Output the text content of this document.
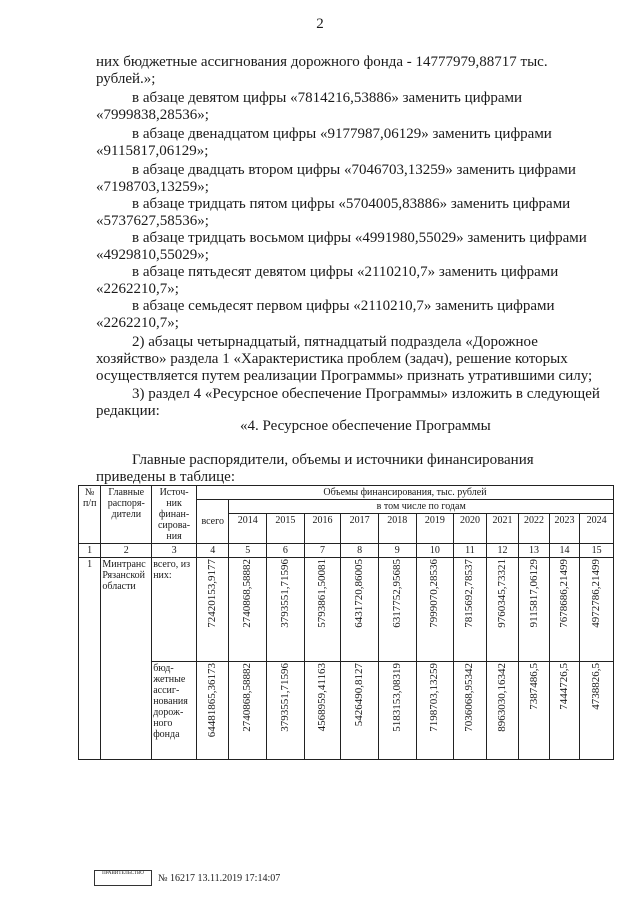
2
них бюджетные ассигнования дорожного фонда - 14777979,88717 тыс.
рублей.»;
в абзаце девятом цифры «7814216,53886» заменить цифрами
«7999838,28536»;
в абзаце двенадцатом цифры «9177987,06129» заменить цифрами
«9115817,06129»;
в абзаце двадцать втором цифры «7046703,13259» заменить цифрами
«7198703,13259»;
в абзаце тридцать пятом цифры «5704005,83886» заменить цифрами
«5737627,58536»;
в абзаце тридцать восьмом цифры «4991980,55029» заменить цифрами
«4929810,55029»;
в абзаце пятьдесят девятом цифры «2110210,7» заменить цифрами
«2262210,7»;
в абзаце семьдесят первом цифры «2110210,7» заменить цифрами
«2262210,7»;
2) абзацы четырнадцатый, пятнадцатый подраздела «Дорожное
хозяйство» раздела 1 «Характеристика проблем (задач), решение которых
осуществляется путем реализации Программы» признать утратившими силу;
3) раздел 4 «Ресурсное обеспечение Программы» изложить в следующей
редакции:
«4. Ресурсное обеспечение Программы
Главные распорядители, объемы и источники финансирования
приведены в таблице:
№ п/п	Главные распоря-дители	Источ-ник финан-сирова-ния	Объемы финансирования, тыс. рублей											
			всего	в том числе по годам										
				2014	2015	2016	2017	2018	2019	2020	2021	2022	2023	2024
1	2	3	4	5	6	7	8	9	10	11	12	13	14	15
1	Минтранс Рязанской области	всего, из них:	72420153,9177	2740868,58882	3793551,71596	5793861,50081	6431720,86005	6317752,95685	7999070,28536	7815692,78537	9760345,73321	9115817,06129	7678686,21499	4972786,21499

		бюд-жетные ассиг-нования дорож-ного фонда	64481865,36173	2740868,58882	3793551,71596	4568959,41163	5426490,8127	5183153,08319	7198703,13259	7036068,95342	8963030,16342	7387486,5	7444726,5	4738826,5
ПРАВИТЕЛЬСТВО	№ 16217 13.11.2019 17:14:07
